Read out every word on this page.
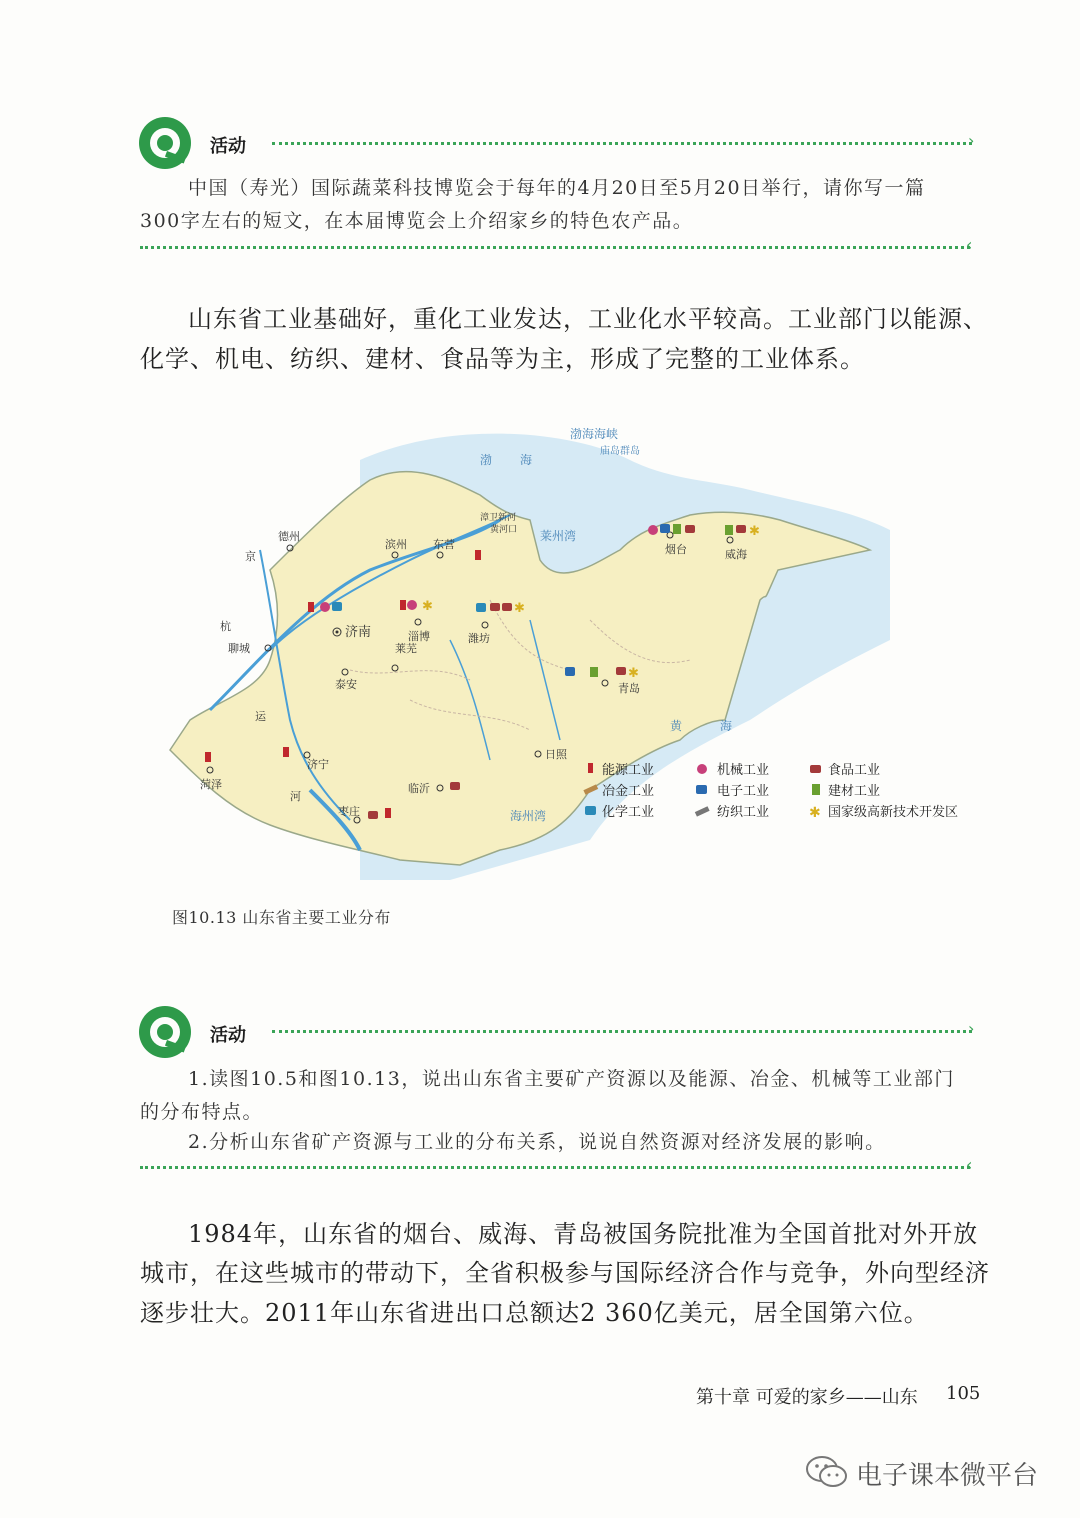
活动	›
中国（寿光）国际蔬菜科技博览会于每年的4月20日至5月20日举行，请你写一篇
300字左右的短文，在本届博览会上介绍家乡的特色农产品。
‹
山东省工业基础好，重化工业发达，工业化水平较高。工业部门以能源、
化学、机电、纺织、建材、食品等为主，形成了完整的工业体系。
渤 海
渤海海峡
庙岛群岛
莱州湾
黄	海
海州湾
漳卫新河
京
杭
运
河
黄河口
德州
滨州 东营
济南	淄博	潍坊
烟台	威海
聊城
泰安
莱芜
青岛
日照
菏泽
济宁
枣庄
临沂
✱	✱
✱
✱
能源工业	机械工业	食品工业
冶金工业	电子工业	建材工业
化学工业	纺织工业	✱ 国家级高新技术开发区
图10.13 山东省主要工业分布
活动	›
1.读图10.5和图10.13，说出山东省主要矿产资源以及能源、冶金、机械等工业部门
的分布特点。
2.分析山东省矿产资源与工业的分布关系，说说自然资源对经济发展的影响。
‹
1984年，山东省的烟台、威海、青岛被国务院批准为全国首批对外开放
城市，在这些城市的带动下，全省积极参与国际经济合作与竞争，外向型经济
逐步壮大。2011年山东省进出口总额达2 360亿美元，居全国第六位。
第十章 可爱的家乡——山东 105
电子课本微平台
